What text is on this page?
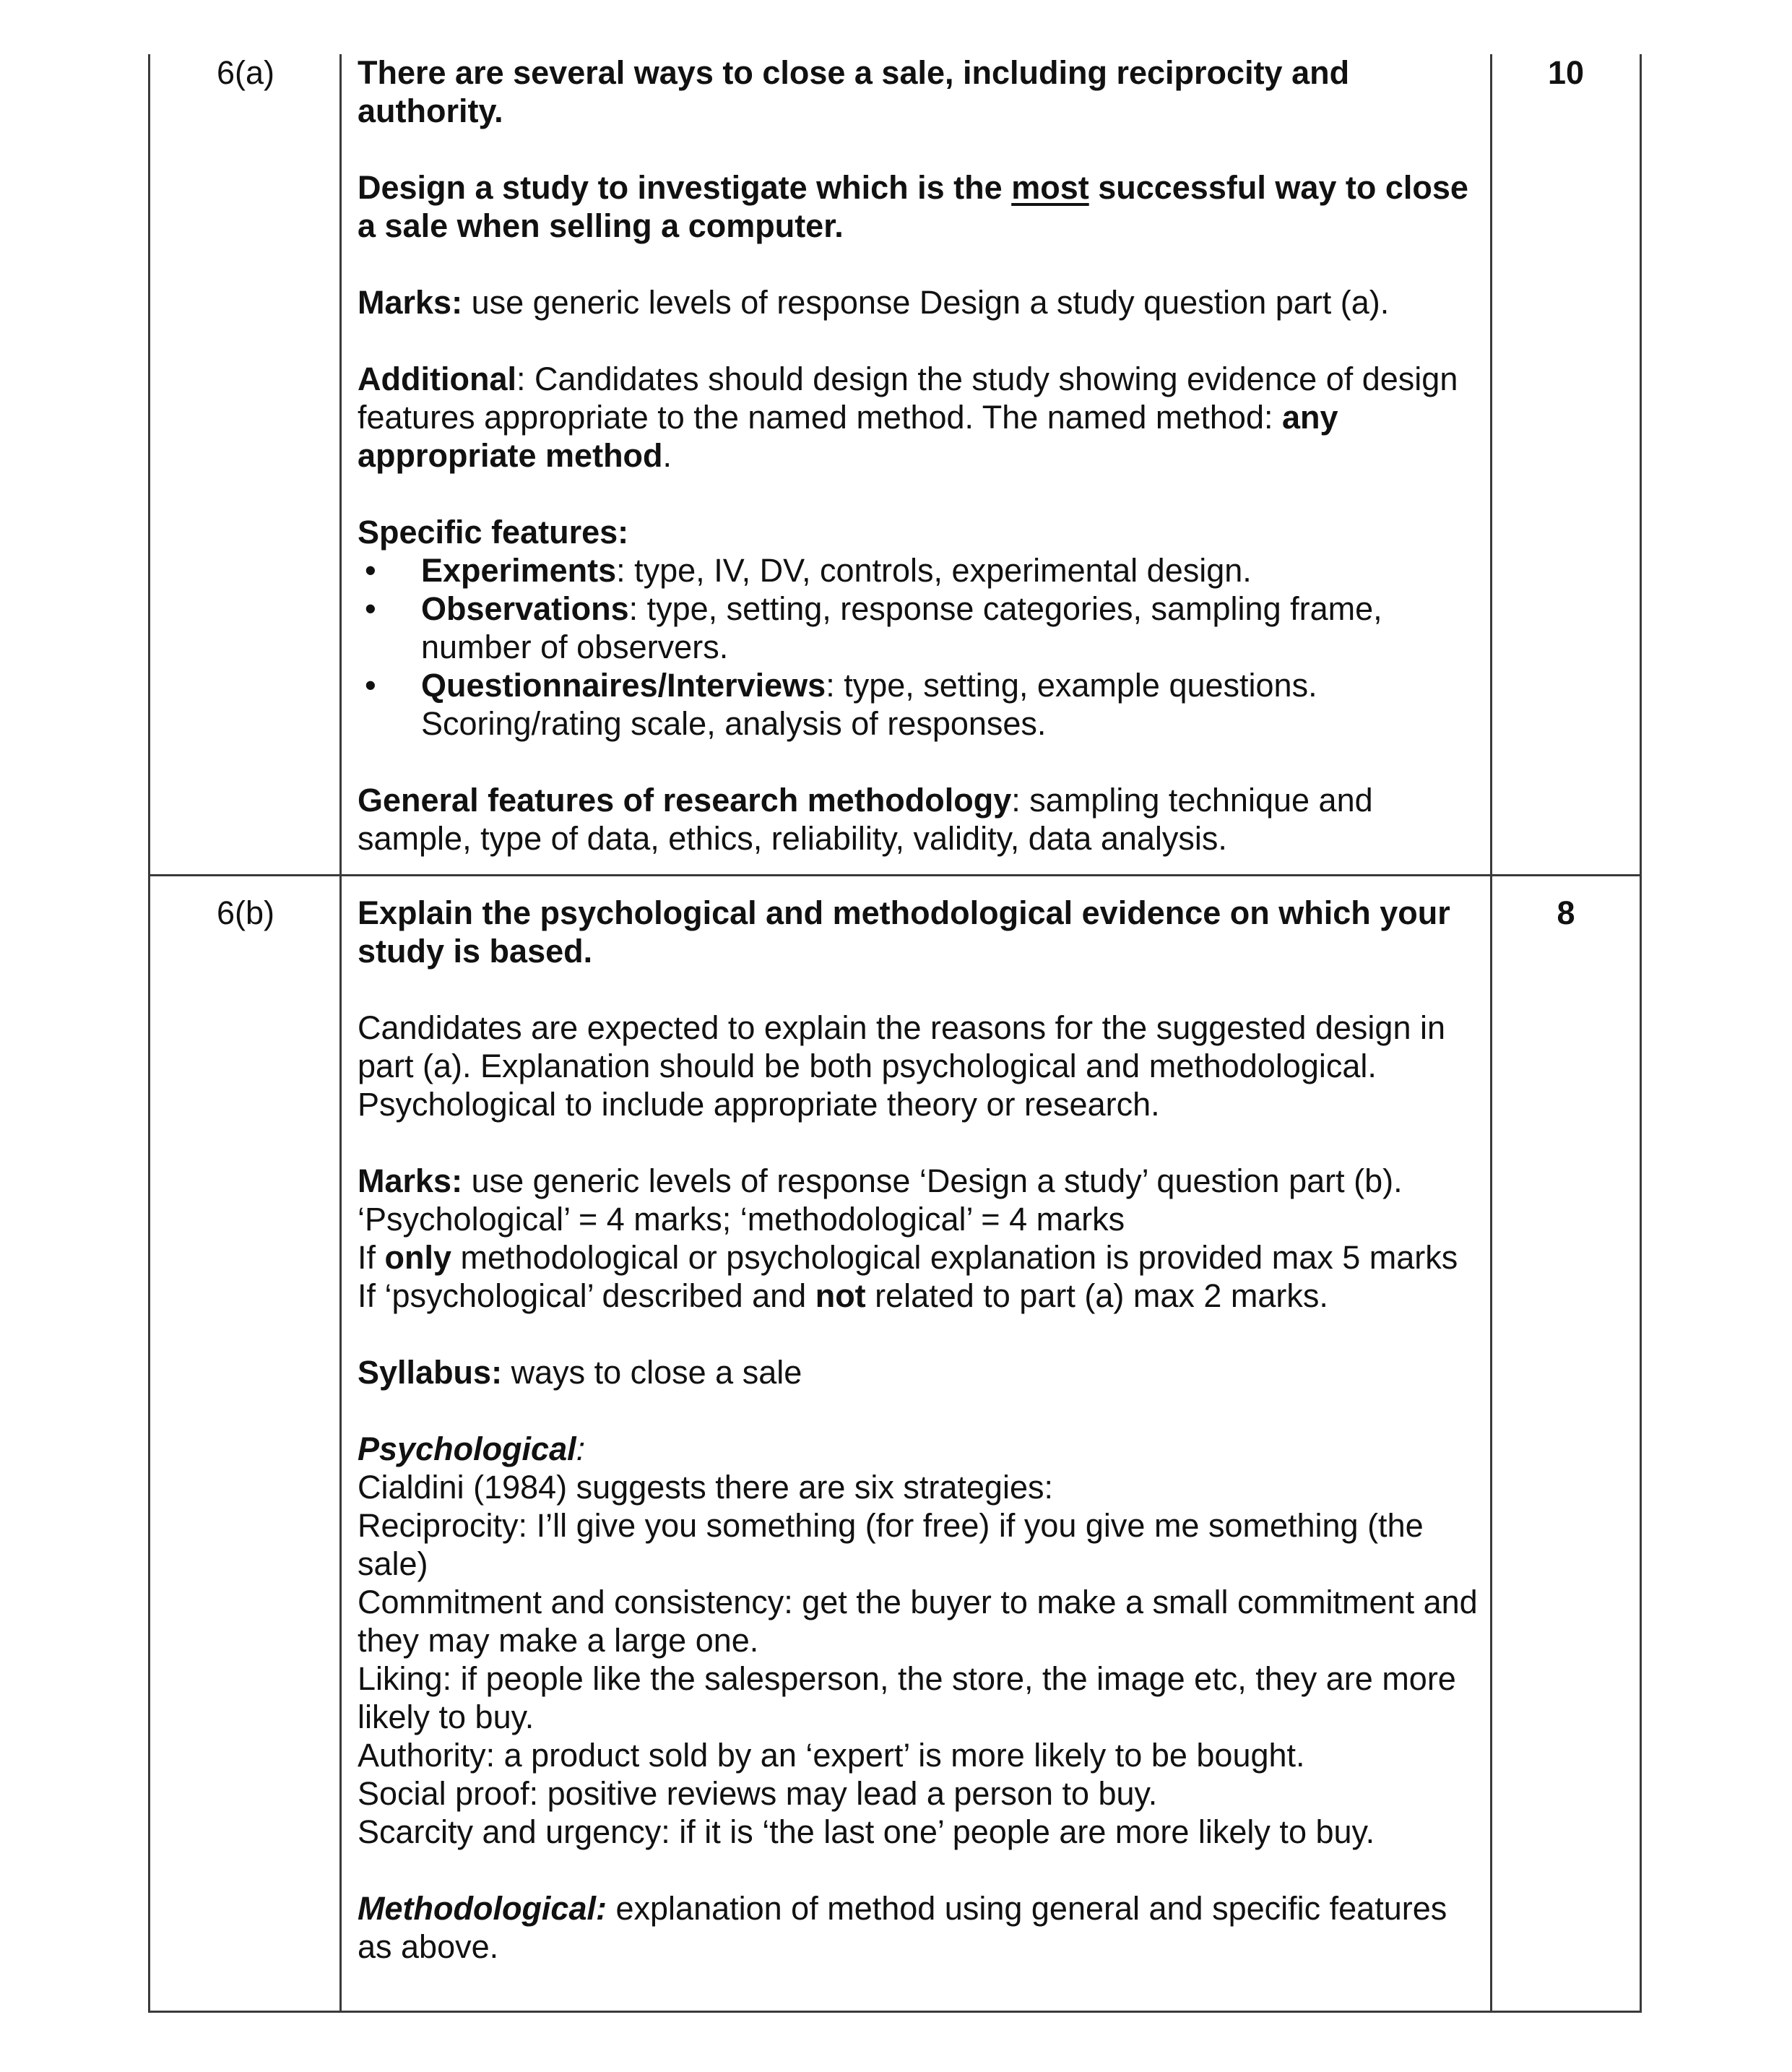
6(a)	10

There are several ways to close a sale, including reciprocity and authority.

Design a study to investigate which is the most successful way to close a sale when selling a computer.

Marks: use generic levels of response Design a study question part (a).

Additional: Candidates should design the study showing evidence of design features appropriate to the named method. The named method: any appropriate method.

Specific features:

• Experiments: type, IV, DV, controls, experimental design.
• Observations: type, setting, response categories, sampling frame, number of observers.
• Questionnaires/Interviews: type, setting, example questions. Scoring/rating scale, analysis of responses.

General features of research methodology: sampling technique and sample, type of data, ethics, reliability, validity, data analysis.

6(b)	8

Explain the psychological and methodological evidence on which your study is based.

Candidates are expected to explain the reasons for the suggested design in part (a). Explanation should be both psychological and methodological. Psychological to include appropriate theory or research.

Marks: use generic levels of response ‘Design a study’ question part (b).

‘Psychological’ = 4 marks; ‘methodological’ = 4 marks

If only methodological or psychological explanation is provided max 5 marks

If ‘psychological’ described and not related to part (a) max 2 marks.

Syllabus: ways to close a sale

Psychological:

Cialdini (1984) suggests there are six strategies:

Reciprocity: I’ll give you something (for free) if you give me something (the sale)

Commitment and consistency: get the buyer to make a small commitment and they may make a large one.

Liking: if people like the salesperson, the store, the image etc, they are more likely to buy.

Authority: a product sold by an ‘expert’ is more likely to be bought.

Social proof: positive reviews may lead a person to buy.

Scarcity and urgency: if it is ‘the last one’ people are more likely to buy.

Methodological: explanation of method using general and specific features as above.
